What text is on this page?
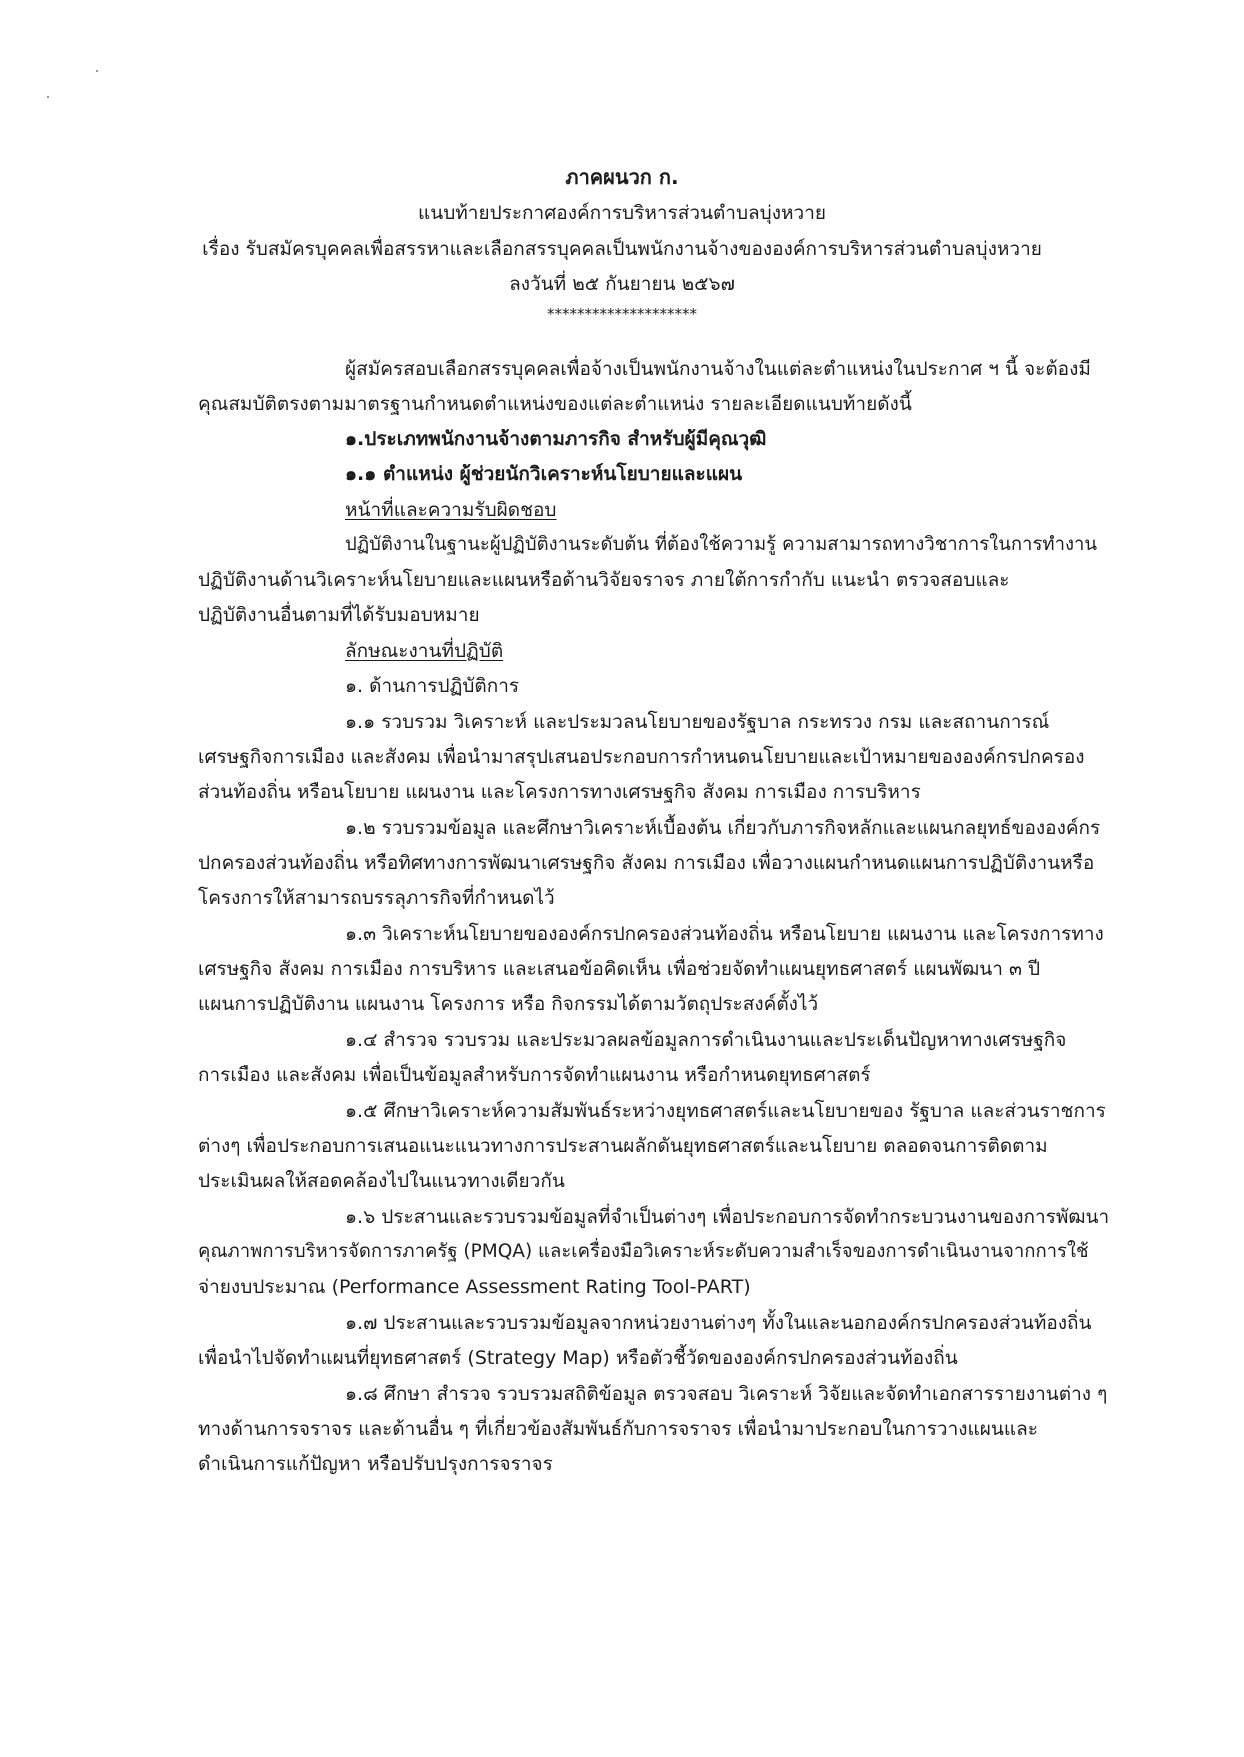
ภาคผนวก ก.
แนบท้ายประกาศองค์การบริหารส่วนตำบลบุ่งหวาย
เรื่อง รับสมัครบุคคลเพื่อสรรหาและเลือกสรรบุคคลเป็นพนักงานจ้างขององค์การบริหารส่วนตำบลบุ่งหวาย
ลงวันที่ ๒๕ กันยายน ๒๕๖๗
********************
ผู้สมัครสอบเลือกสรรบุคคลเพื่อจ้างเป็นพนักงานจ้างในแต่ละตำแหน่งในประกาศ ฯ นี้ จะต้องมี
คุณสมบัติตรงตามมาตรฐานกำหนดตำแหน่งของแต่ละตำแหน่ง รายละเอียดแนบท้ายดังนี้
๑.ประเภทพนักงานจ้างตามภารกิจ สำหรับผู้มีคุณวุฒิ
๑.๑ ตำแหน่ง ผู้ช่วยนักวิเคราะห์นโยบายและแผน
หน้าที่และความรับผิดชอบ
ปฏิบัติงานในฐานะผู้ปฏิบัติงานระดับต้น ที่ต้องใช้ความรู้ ความสามารถทางวิชาการในการทำงาน
ปฏิบัติงานด้านวิเคราะห์นโยบายและแผนหรือด้านวิจัยจราจร ภายใต้การกำกับ แนะนำ ตรวจสอบและ
ปฏิบัติงานอื่นตามที่ได้รับมอบหมาย
ลักษณะงานที่ปฏิบัติ
๑. ด้านการปฏิบัติการ
๑.๑ รวบรวม วิเคราะห์ และประมวลนโยบายของรัฐบาล กระทรวง กรม และสถานการณ์
เศรษฐกิจการเมือง และสังคม เพื่อนำมาสรุปเสนอประกอบการกำหนดนโยบายและเป้าหมายขององค์กรปกครอง
ส่วนท้องถิ่น หรือนโยบาย แผนงาน และโครงการทางเศรษฐกิจ สังคม การเมือง การบริหาร
๑.๒ รวบรวมข้อมูล และศึกษาวิเคราะห์เบื้องต้น เกี่ยวกับภารกิจหลักและแผนกลยุทธ์ขององค์กร
ปกครองส่วนท้องถิ่น หรือทิศทางการพัฒนาเศรษฐกิจ สังคม การเมือง เพื่อวางแผนกำหนดแผนการปฏิบัติงานหรือ
โครงการให้สามารถบรรลุภารกิจที่กำหนดไว้
๑.๓ วิเคราะห์นโยบายขององค์กรปกครองส่วนท้องถิ่น หรือนโยบาย แผนงาน และโครงการทาง
เศรษฐกิจ สังคม การเมือง การบริหาร และเสนอข้อคิดเห็น เพื่อช่วยจัดทำแผนยุทธศาสตร์ แผนพัฒนา ๓ ปี
แผนการปฏิบัติงาน แผนงาน โครงการ หรือ กิจกรรมได้ตามวัตถุประสงค์ตั้งไว้
๑.๔ สำรวจ รวบรวม และประมวลผลข้อมูลการดำเนินงานและประเด็นปัญหาทางเศรษฐกิจ
การเมือง และสังคม เพื่อเป็นข้อมูลสำหรับการจัดทำแผนงาน หรือกำหนดยุทธศาสตร์
๑.๕ ศึกษาวิเคราะห์ความสัมพันธ์ระหว่างยุทธศาสตร์และนโยบายของ รัฐบาล และส่วนราชการ
ต่างๆ เพื่อประกอบการเสนอแนะแนวทางการประสานผลักดันยุทธศาสตร์และนโยบาย ตลอดจนการติดตาม
ประเมินผลให้สอดคล้องไปในแนวทางเดียวกัน
๑.๖ ประสานและรวบรวมข้อมูลที่จำเป็นต่างๆ เพื่อประกอบการจัดทำกระบวนงานของการพัฒนา
คุณภาพการบริหารจัดการภาครัฐ (PMQA) และเครื่องมือวิเคราะห์ระดับความสำเร็จของการดำเนินงานจากการใช้
จ่ายงบประมาณ (Performance Assessment Rating Tool-PART)
๑.๗ ประสานและรวบรวมข้อมูลจากหน่วยงานต่างๆ ทั้งในและนอกองค์กรปกครองส่วนท้องถิ่น
เพื่อนำไปจัดทำแผนที่ยุทธศาสตร์ (Strategy Map) หรือตัวชี้วัดขององค์กรปกครองส่วนท้องถิ่น
๑.๘ ศึกษา สำรวจ รวบรวมสถิติข้อมูล ตรวจสอบ วิเคราะห์ วิจัยและจัดทำเอกสารรายงานต่าง ๆ
ทางด้านการจราจร และด้านอื่น ๆ ที่เกี่ยวข้องสัมพันธ์กับการจราจร เพื่อนำมาประกอบในการวางแผนและ
ดำเนินการแก้ปัญหา หรือปรับปรุงการจราจร
